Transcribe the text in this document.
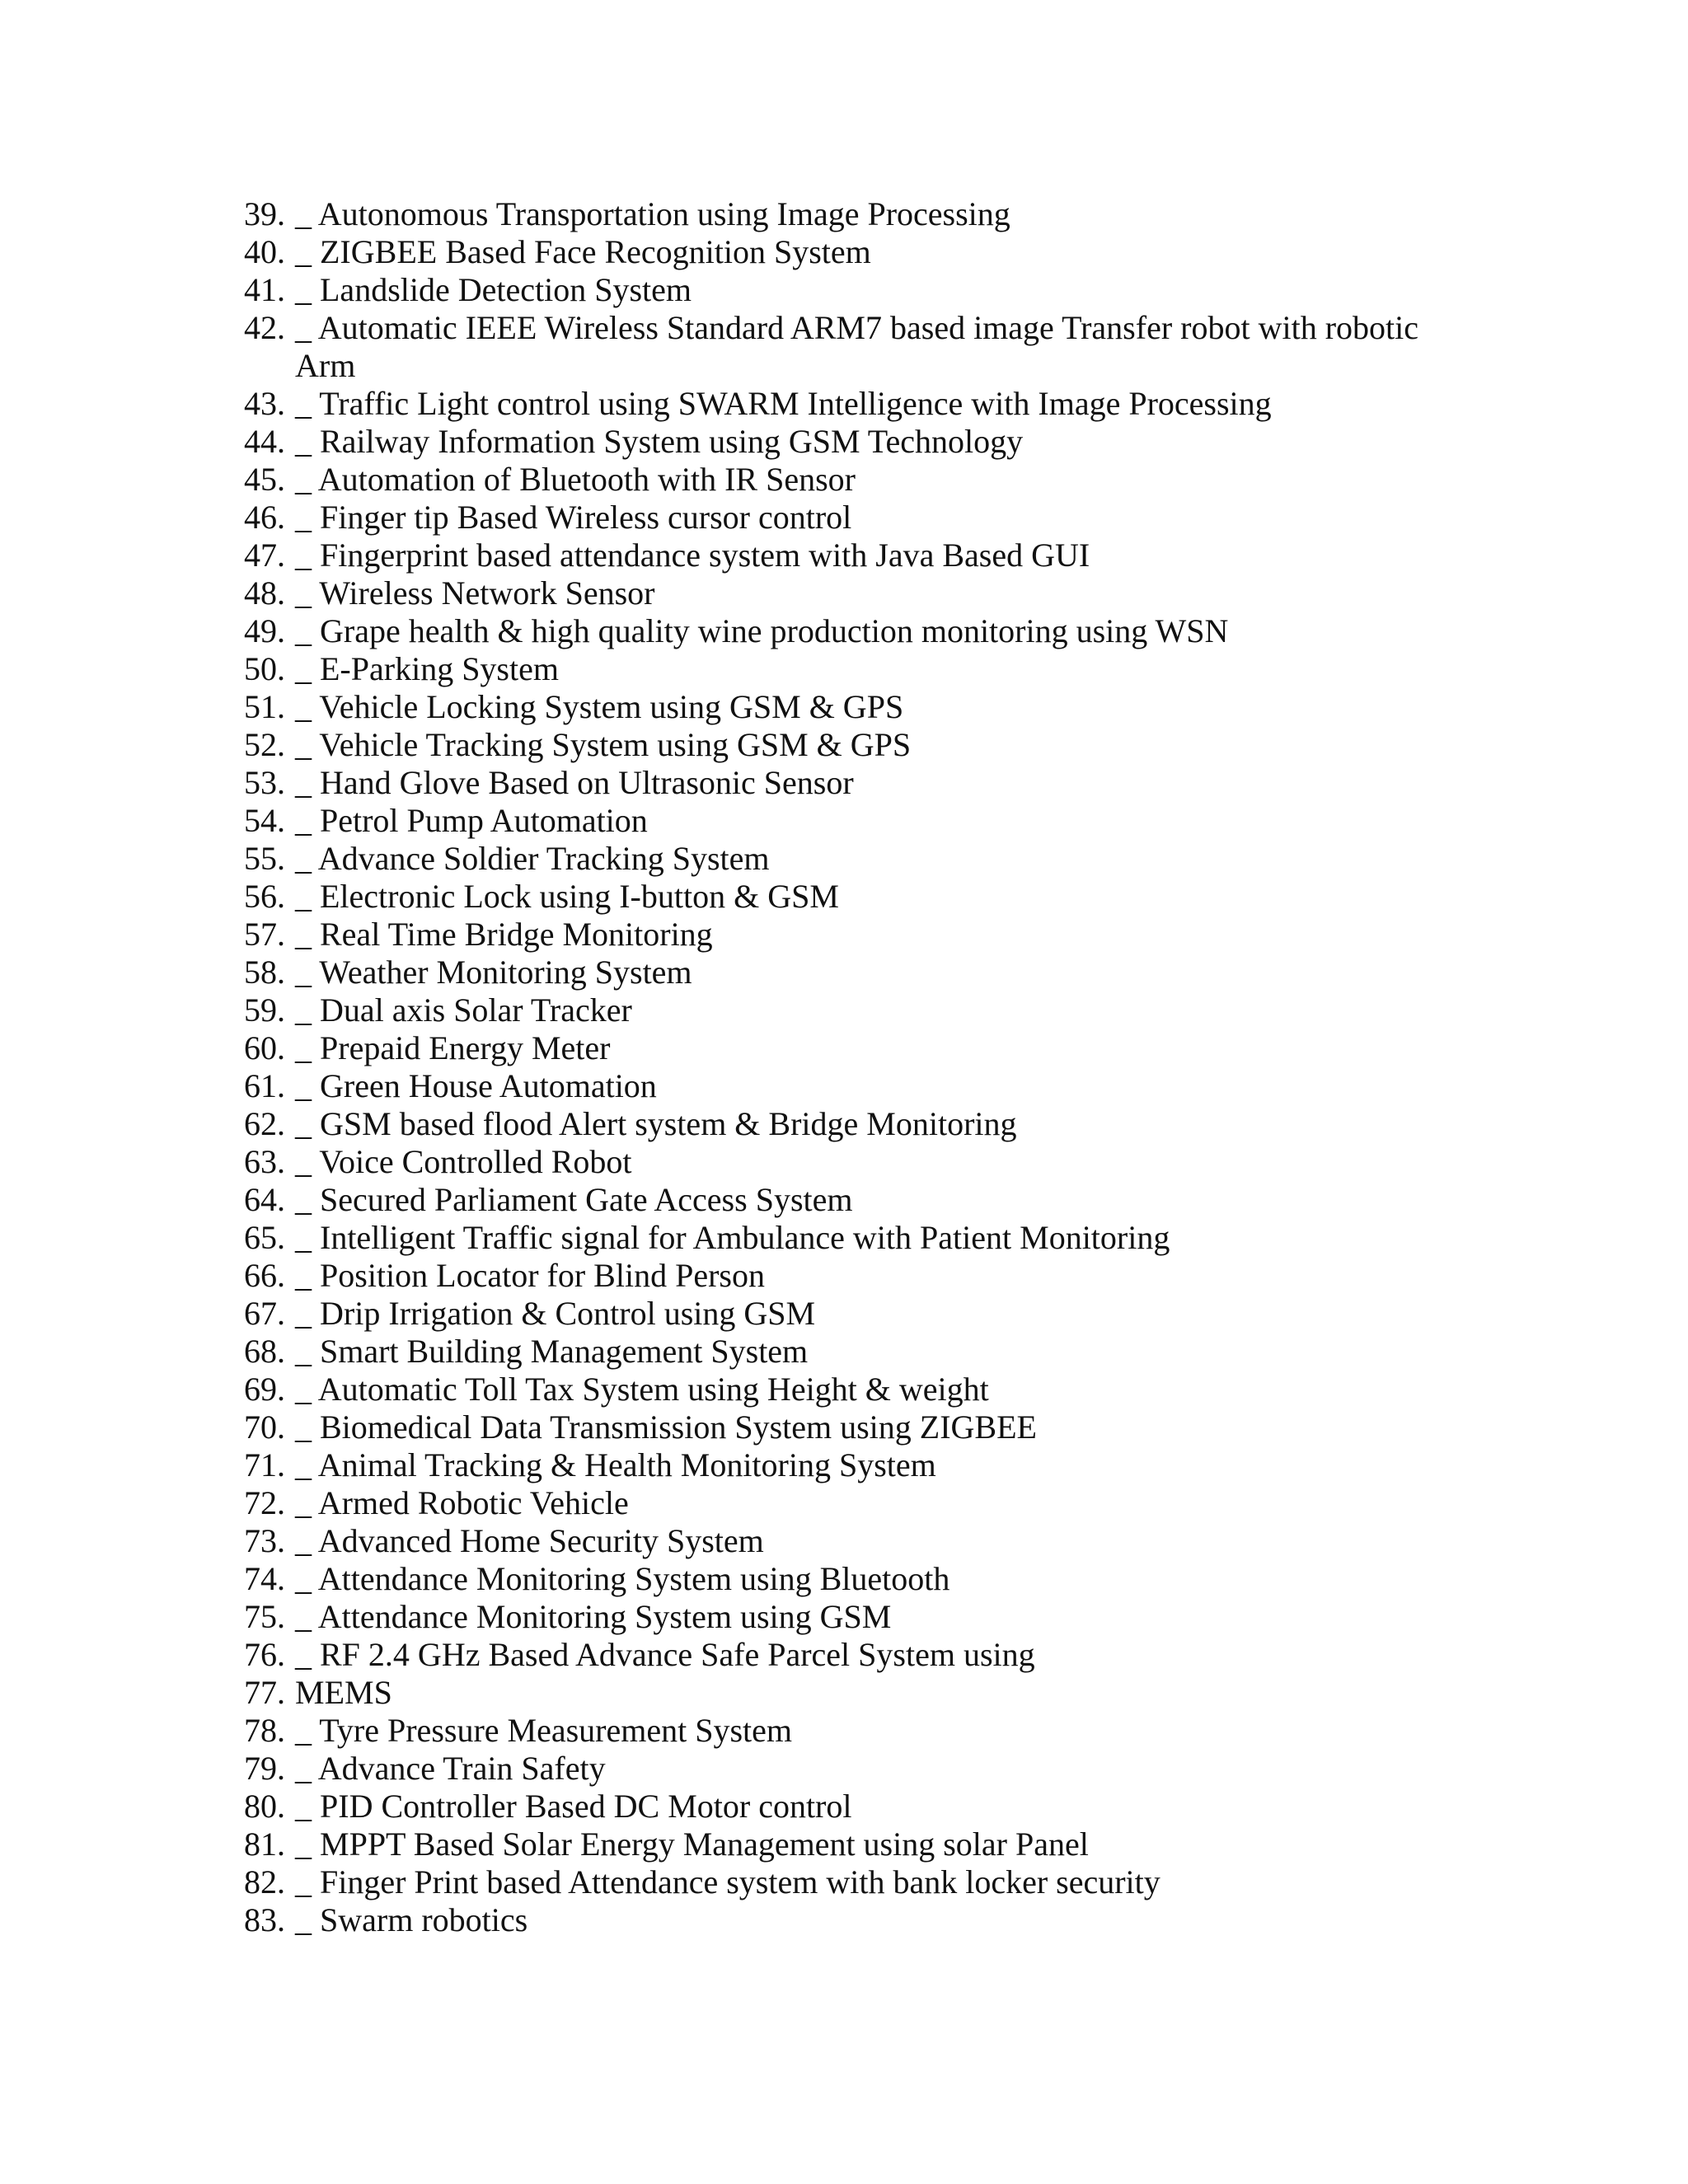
39. _ Autonomous Transportation using Image Processing
40. _ ZIGBEE Based Face Recognition System
41. _ Landslide Detection System
42. _ Automatic IEEE Wireless Standard ARM7 based image Transfer robot with robotic
Arm
43. _ Traffic Light control using SWARM Intelligence with Image Processing
44. _ Railway Information System using GSM Technology
45. _ Automation of Bluetooth with IR Sensor
46. _ Finger tip Based Wireless cursor control
47. _ Fingerprint based attendance system with Java Based GUI
48. _ Wireless Network Sensor
49. _ Grape health & high quality wine production monitoring using WSN
50. _ E-Parking System
51. _ Vehicle Locking System using GSM & GPS
52. _ Vehicle Tracking System using GSM & GPS
53. _ Hand Glove Based on Ultrasonic Sensor
54. _ Petrol Pump Automation
55. _ Advance Soldier Tracking System
56. _ Electronic Lock using I-button & GSM
57. _ Real Time Bridge Monitoring
58. _ Weather Monitoring System
59. _ Dual axis Solar Tracker
60. _ Prepaid Energy Meter
61. _ Green House Automation
62. _ GSM based flood Alert system & Bridge Monitoring
63. _ Voice Controlled Robot
64. _ Secured Parliament Gate Access System
65. _ Intelligent Traffic signal for Ambulance with Patient Monitoring
66. _ Position Locator for Blind Person
67. _ Drip Irrigation & Control using GSM
68. _ Smart Building Management System
69. _ Automatic Toll Tax System using Height & weight
70. _ Biomedical Data Transmission System using ZIGBEE
71. _ Animal Tracking & Health Monitoring System
72. _ Armed Robotic Vehicle
73. _ Advanced Home Security System
74. _ Attendance Monitoring System using Bluetooth
75. _ Attendance Monitoring System using GSM
76. _ RF 2.4 GHz Based Advance Safe Parcel System using
77. MEMS
78. _ Tyre Pressure Measurement System
79. _ Advance Train Safety
80. _ PID Controller Based DC Motor control
81. _ MPPT Based Solar Energy Management using solar Panel
82. _ Finger Print based Attendance system with bank locker security
83. _ Swarm robotics
